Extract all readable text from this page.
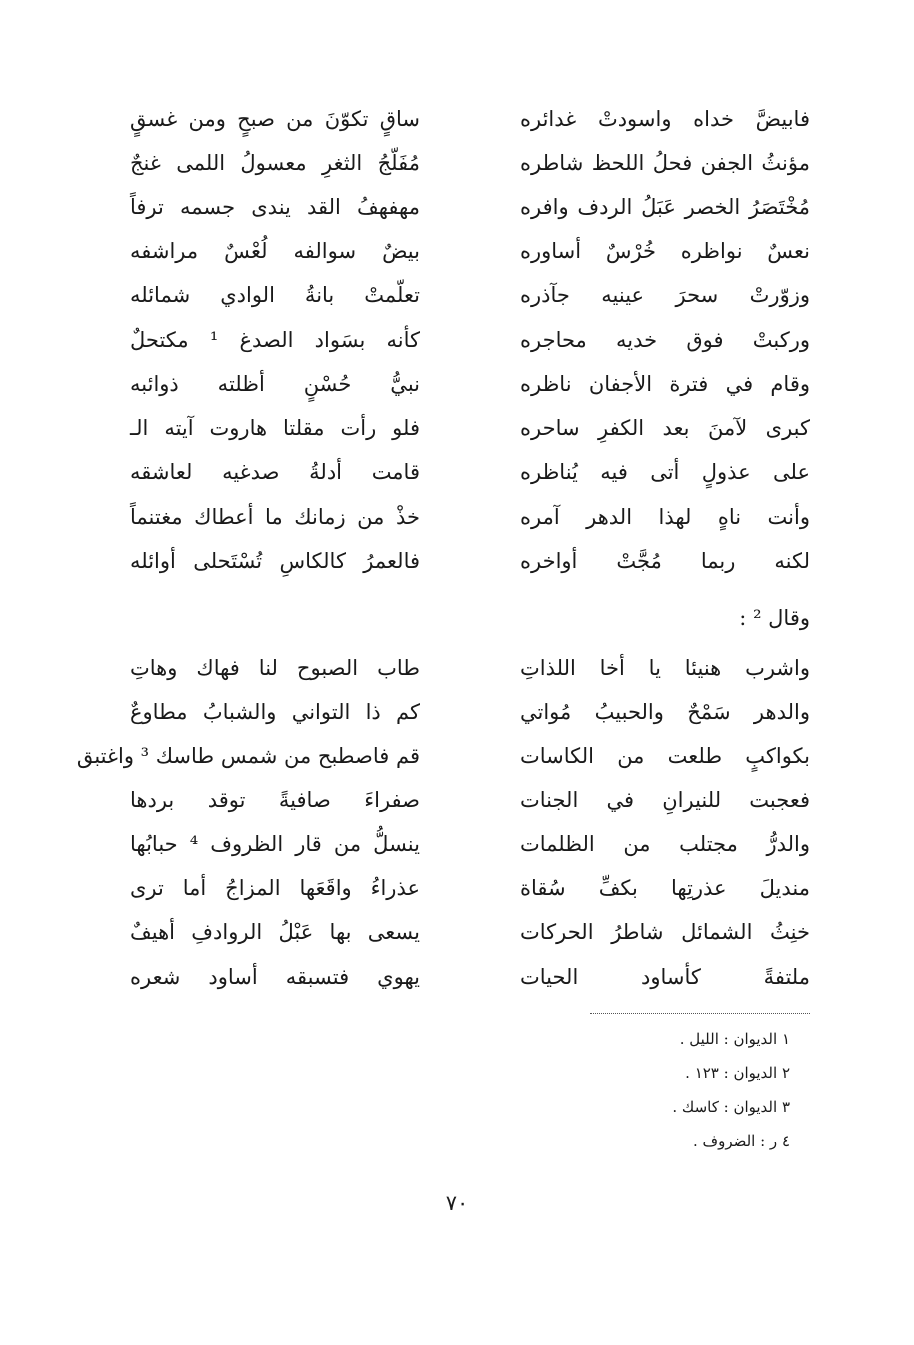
ساقٍ تكوّنَ من صبحٍ ومن غسقٍ	فابيضَّ خداه واسودتْ غدائره
مُفَلّجُ الثغرِ معسولُ اللمى غنجٌ	مؤنثُ الجفن فحلُ اللحظ شاطره
مهفهفُ القد يندى جسمه ترفاً	مُخْتَصَرُ الخصر عَبَلُ الردف وافره
بيضٌ سوالفه لُعْسٌ مراشفه	نعسٌ نواظره خُرْسٌ أساوره
تعلّمتْ بانةُ الوادي شمائله	وزوّرتْ سحرَ عينيه جآذره
كأنه بسَواد الصدغ ¹ مكتحلٌ	وركبتْ فوق خديه محاجره
نبيُّ حُسْنٍ أظلته ذوائبه	وقام في فترة الأجفان ناظره
فلو رأت مقلتا هاروت آيته الـ	كبرى لآمنَ بعد الكفرِ ساحره
قامت أدلةُ صدغيه لعاشقه	على عذولٍ أتى فيه يُناظره
خذْ من زمانك ما أعطاك مغتنماً	وأنت ناهٍ لهذا الدهر آمره
فالعمرُ كالكاسِ تُسْتَحلى أوائله	لكنه ربما مُجَّتْ أواخره
وقال ² :
طاب الصبوح لنا فهاك وهاتِ	واشرب هنيئا يا أخا اللذاتِ
كم ذا التواني والشبابُ مطاوعٌ	والدهر سَمْحٌ والحبيبُ مُواتي
قم فاصطبح من شمس طاسك ³ واغتبق	بكواكبٍ طلعت من الكاسات
صفراءَ صافيةً توقد بردها	فعجبت للنيرانِ في الجنات
ينسلُّ من قار الظروف ⁴ حبابُها	والدرُّ مجتلب من الظلمات
عذراءُ واقَعَها المزاجُ أما ترى	منديلَ عذرتِها بكفِّ سُقاة
يسعى بها عَبْلُ الروادفِ أهيفٌ	خنِثُ الشمائل شاطرُ الحركات
يهوي فتسبقه أساود شعره	ملتفةً كأساود الحيات
١ الديوان : الليل .
٢ الديوان : ١٢٣ .
٣ الديوان : كاسك .
٤ ر : الضروف .
٧٠
